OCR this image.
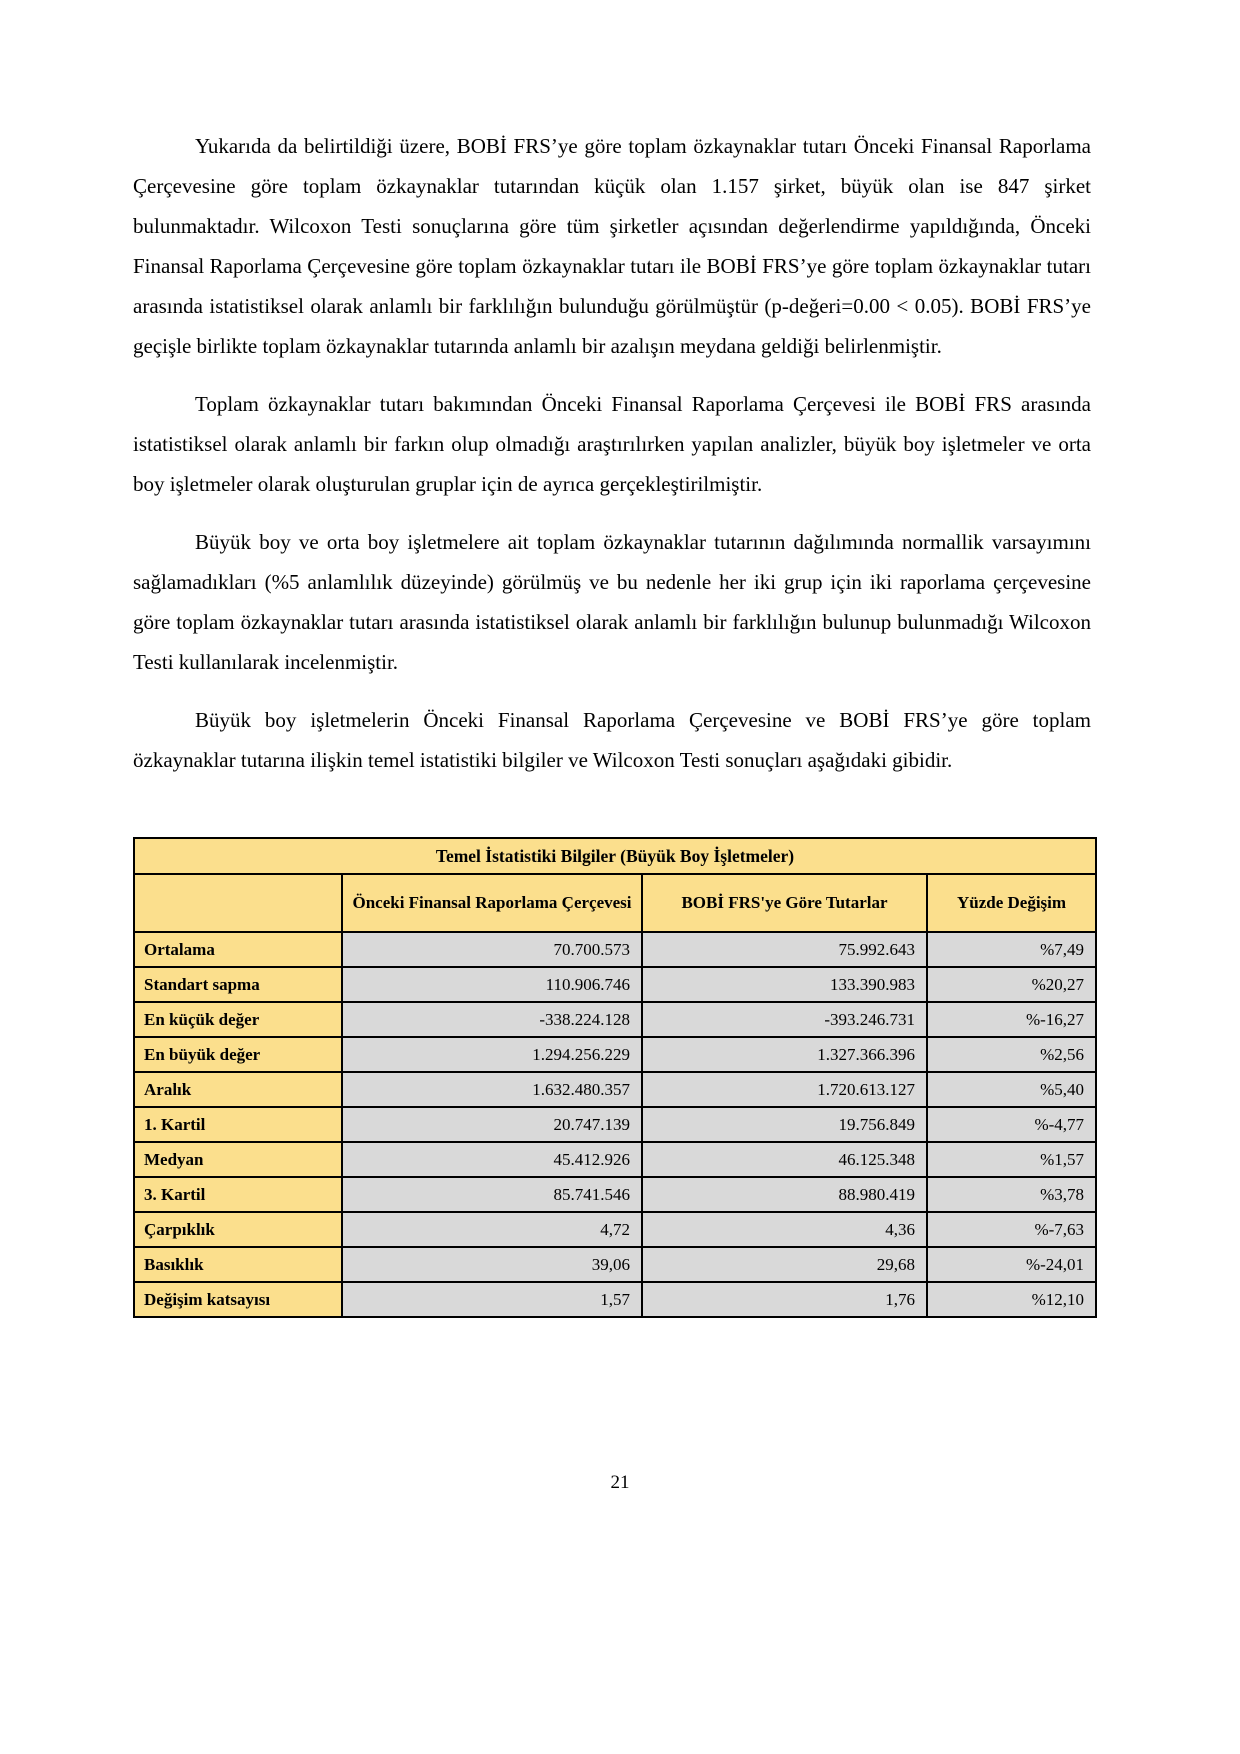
Yukarıda da belirtildiği üzere, BOBİ FRS’ye göre toplam özkaynaklar tutarı Önceki Finansal Raporlama Çerçevesine göre toplam özkaynaklar tutarından küçük olan 1.157 şirket, büyük olan ise 847 şirket bulunmaktadır. Wilcoxon Testi sonuçlarına göre tüm şirketler açısından değerlendirme yapıldığında, Önceki Finansal Raporlama Çerçevesine göre toplam özkaynaklar tutarı ile BOBİ FRS’ye göre toplam özkaynaklar tutarı arasında istatistiksel olarak anlamlı bir farklılığın bulunduğu görülmüştür (p-değeri=0.00 < 0.05). BOBİ FRS’ye geçişle birlikte toplam özkaynaklar tutarında anlamlı bir azalışın meydana geldiği belirlenmiştir.

Toplam özkaynaklar tutarı bakımından Önceki Finansal Raporlama Çerçevesi ile BOBİ FRS arasında istatistiksel olarak anlamlı bir farkın olup olmadığı araştırılırken yapılan analizler, büyük boy işletmeler ve orta boy işletmeler olarak oluşturulan gruplar için de ayrıca gerçekleştirilmiştir.

Büyük boy ve orta boy işletmelere ait toplam özkaynaklar tutarının dağılımında normallik varsayımını sağlamadıkları (%5 anlamlılık düzeyinde) görülmüş ve bu nedenle her iki grup için iki raporlama çerçevesine göre toplam özkaynaklar tutarı arasında istatistiksel olarak anlamlı bir farklılığın bulunup bulunmadığı Wilcoxon Testi kullanılarak incelenmiştir.

Büyük boy işletmelerin Önceki Finansal Raporlama Çerçevesine ve BOBİ FRS’ye göre toplam özkaynaklar tutarına ilişkin temel istatistiki bilgiler ve Wilcoxon Testi sonuçları aşağıdaki gibidir.

Temel İstatistiki Bilgiler (Büyük Boy İşletmeler)			
	Önceki Finansal Raporlama Çerçevesi	BOBİ FRS'ye Göre Tutarlar	Yüzde Değişim
Ortalama	70.700.573	75.992.643	%7,49
Standart sapma	110.906.746	133.390.983	%20,27
En küçük değer	-338.224.128	-393.246.731	%-16,27
En büyük değer	1.294.256.229	1.327.366.396	%2,56
Aralık	1.632.480.357	1.720.613.127	%5,40
1. Kartil	20.747.139	19.756.849	%-4,77
Medyan	45.412.926	46.125.348	%1,57
3. Kartil	85.741.546	88.980.419	%3,78
Çarpıklık	4,72	4,36	%-7,63
Basıklık	39,06	29,68	%-24,01
Değişim katsayısı	1,57	1,76	%12,10
21
